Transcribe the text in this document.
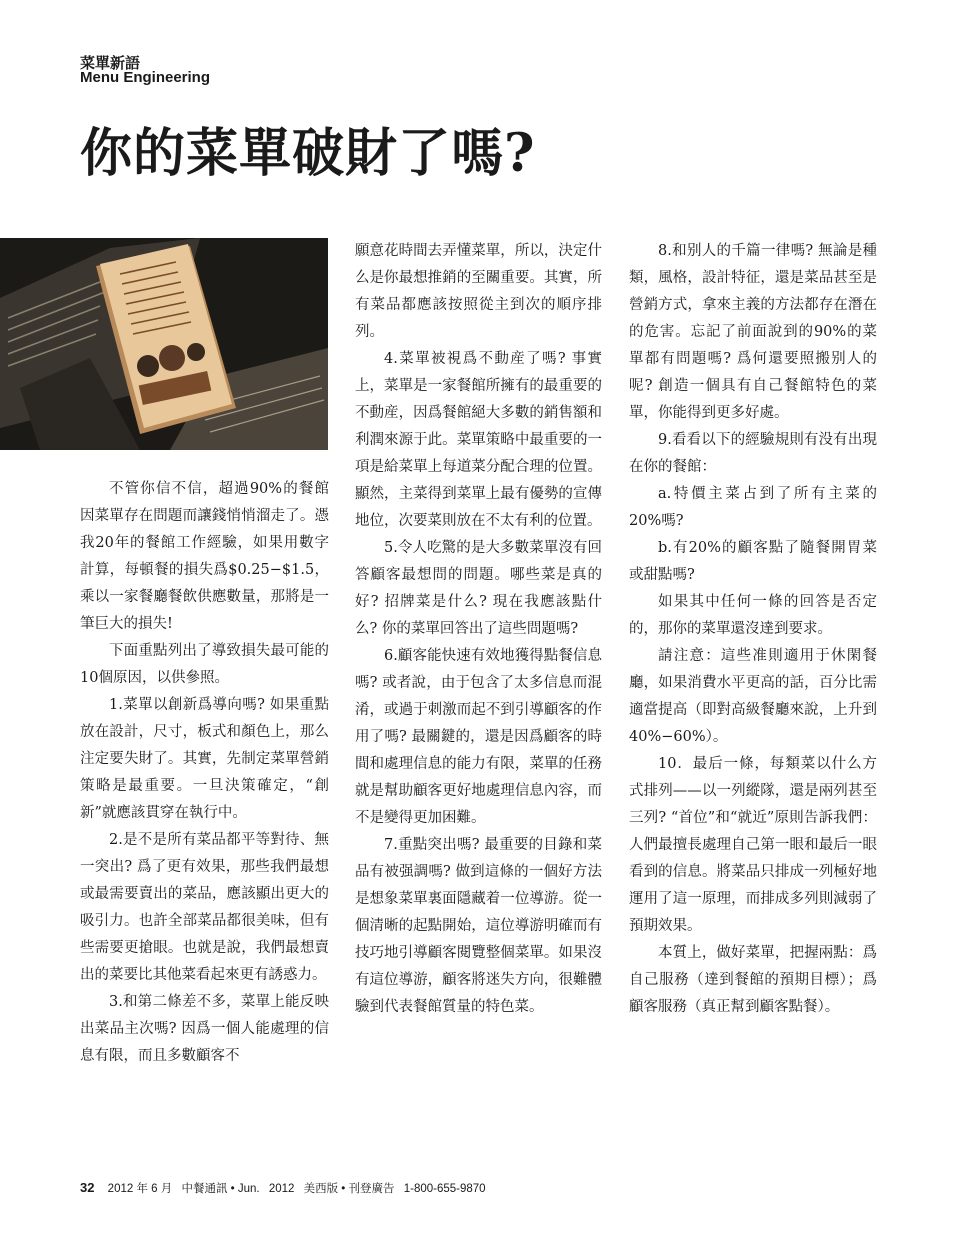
菜單新語
Menu Engineering
你的菜單破財了嗎?

不管你信不信，超過90%的餐館因菜單存在問題而讓錢悄悄溜走了。憑我20年的餐館工作經驗，如果用數字計算，每頓餐的損失爲$0.25−$1.5，乘以一家餐廳餐飲供應數量，那將是一筆巨大的損失!

下面重點列出了導致損失最可能的10個原因，以供參照。

1.菜單以創新爲導向嗎? 如果重點放在設計，尺寸，板式和顏色上，那么注定要失財了。其實，先制定菜單營銷策略是最重要。一旦決策確定，“創新”就應該貫穿在執行中。

2.是不是所有菜品都平等對待、無一突出? 爲了更有效果，那些我們最想或最需要賣出的菜品，應該顯出更大的吸引力。也許全部菜品都很美味，但有些需要更搶眼。也就是說，我們最想賣出的菜要比其他菜看起來更有誘惑力。

3.和第二條差不多，菜單上能反映出菜品主次嗎? 因爲一個人能處理的信息有限，而且多數顧客不

願意花時間去弄懂菜單，所以，決定什么是你最想推銷的至關重要。其實，所有菜品都應該按照從主到次的順序排列。

4.菜單被視爲不動産了嗎? 事實上，菜單是一家餐館所擁有的最重要的不動産，因爲餐館絕大多數的銷售額和利潤來源于此。菜單策略中最重要的一項是給菜單上每道菜分配合理的位置。顯然，主菜得到菜單上最有優勢的宣傳地位，次要菜則放在不太有利的位置。

5.令人吃驚的是大多數菜單沒有回答顧客最想問的問題。哪些菜是真的好? 招牌菜是什么? 現在我應該點什么? 你的菜單回答出了這些問題嗎?

6.顧客能快速有效地獲得點餐信息嗎? 或者說，由于包含了太多信息而混淆，或過于刺激而起不到引導顧客的作用了嗎? 最關鍵的，還是因爲顧客的時間和處理信息的能力有限，菜單的任務就是幫助顧客更好地處理信息內容，而不是變得更加困難。

7.重點突出嗎? 最重要的目錄和菜品有被强調嗎? 做到這條的一個好方法是想象菜單裏面隱藏着一位導游。從一個清晰的起點開始，這位導游明確而有技巧地引導顧客閱覽整個菜單。如果沒有這位導游，顧客將迷失方向，很難體驗到代表餐館質量的特色菜。

8.和别人的千篇一律嗎? 無論是種類，風格，設計特征，還是菜品甚至是營銷方式，拿來主義的方法都存在潛在的危害。忘記了前面說到的90%的菜單都有問題嗎? 爲何還要照搬别人的呢? 創造一個具有自己餐館特色的菜單，你能得到更多好處。

9.看看以下的經驗規則有没有出現在你的餐館：

a.特價主菜占到了所有主菜的20%嗎?

b.有20%的顧客點了隨餐開胃菜或甜點嗎?

如果其中任何一條的回答是否定的，那你的菜單還沒達到要求。

請注意：這些准則適用于休閑餐廳，如果消費水平更高的話，百分比需適當提高（即對高級餐廳來說，上升到40%−60%）。

10．最后一條，每類菜以什么方式排列——以一列縱隊，還是兩列甚至三列? “首位”和“就近”原則告訴我們：人們最擅長處理自己第一眼和最后一眼看到的信息。將菜品只排成一列極好地運用了這一原理，而排成多列則減弱了預期效果。

本質上，做好菜單，把握兩點：爲自己服務（達到餐館的預期目標）；爲顧客服務（真正幫到顧客點餐）。

32 2012 年 6 月 中餐通訊 • Jun. 2012 美西版 • 刊登廣告 1-800-655-9870
